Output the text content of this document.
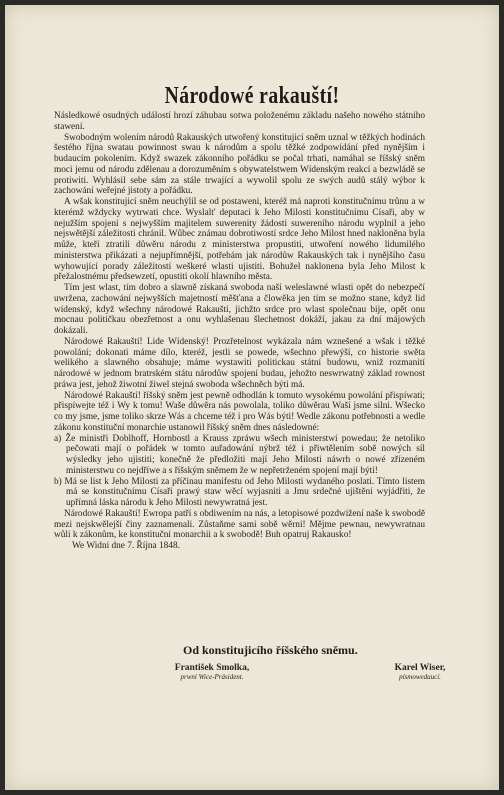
Národowé rakauští!

Následkowé osudných událostí hrozí záhubau sotwa položenému základu našeho nowého státního stawení.

Swobodným wolením národů Rakauských utwořený konstitujicí sněm uznal w těžkých hodinách šestého října swatau powinnost swau k národům a spolu těžké zodpowídání před nynějším i budaucím pokolením. Když swazek zákonního pořádku se počal trhati, namáhal se říšský sněm moci jemu od národu zdělenau a dorozuměním s obywatelstwem Wídenským reakcí a bezwládě se protiwiti. Wyhlásil sebe sám za stále trwající a wywolil spolu ze swých audů stálý wýbor k zachowání weřejné jistoty a pořádku.

A wšak konstitujicí sněm neuchýlil se od postaweni, kteréž má naproti konstitučnímu trůnu a w kterémž wždycky wytrwati chce. Wyslalt' deputaci k Jeho Milosti konstitučnímu Císaři, aby w nejužším spojení s nejwyšším majitelem suwerenity žádosti suwereního národu wyplnil a jeho nejswětější záležitosti chránil. Wůbec známau dobrotiwostí srdce Jeho Milost hned nakloněna byla může, kteří ztratili důwěru národu z ministerstwa propustiti, utwoření nowého lidumilého ministerstwa přikázati a nejupřímnější, potřebám jak národůw Rakauských tak i nynějšího času wyhowující porady záležitostí weškeré wlasti ujistiti. Bohužel naklonena byla Jeho Milost k přežalostnému předsewzetí, opustiti okolí hlawního města.

Tím jest wlast, tím dobro a slawně získaná swoboda naší weleslawné wlasti opět do nebezpečí uwržena, zachowání nejwyšších majetností měšťana a člowěka jen tím se možno stane, když lid wídenský, když wšechny národowé Rakauští, jichžto srdce pro wlast společnau bije, opět onu mocnau političkau obezřetnost a onu wyhlašenau šlechetnost dokáží, jakau za dní májowých dokázali.

Národowé Rakauští! Lide Wídenský! Prozřetelnost wykázala nám wznešené a wšak i těžké powolání; dokonati máme dílo, kteréž, jestli se powede, wšechno přewýší, co historie swěta welikého a slawného obsahuje; máme wystawiti politickau státní budowu, wniž rozmanití národowé w jednom bratrském státu národůw spojení budau, jehožto neswrwatný základ rownost práwa jest, jehož žiwotní žiwel stejná swoboda wšechněch býti má.

Národowé Rakauští! říšský sněm jest pewně odhodlán k tomuto wysokému powolání přispíwati; přispíwejte též i Wy k tomu! Waše důwěra nás powolala, toliko důwěrau Waší jsme silni. Wšecko co my jsme, jsme toliko skrze Wás a chceme též i pro Wás býti! Wedle zákonu potřebnosti a wedle zákonu konstituční monarchie ustanowil říšský sněm dnes následowné:

a) Že ministři Doblhoff, Hornbostl a Krauss zpráwu wšech ministerstwí powedau; že netoliko pečowati mají o pořádek w tomto auřadowání nýbrž též i přiwtělením sobě nowých síl wýsledky jeho ujistiti; konečně že předložiti mají Jeho Milosti náwrh o nowé zřízeném ministerstwu co nejdříwe a s říšským sněmem že w nepřetrženém spojení mají býti!

b) Má se list k Jeho Milosti za příčinau manifestu od Jeho Milosti wydaného poslati. Tímto listem má se konstitučnímu Císaři prawý staw wěcí wyjasniti a Jmu srdečné ujištění wyjádřiti, že upřímná láska národu k Jeho Milosti newywratná jest.

Národowé Rakauští! Ewropa patří s obdiwením na nás, a letopisowé pozdwižení naše k swobodě mezi nejskwělejší činy zaznamenali. Zůstaňme sami sobě wěrni! Mějme pewnau, newywratnau wůli k zákonům, ke konstituční monarchii a k swobodě! Buh opatruj Rakausko!

We Widni dne 7. Října 1848.

Od konstitujicího říšského sněmu.
František Smolka,
prwní Wice-Präsident.
Karel Wiser,
písmowedaucí.
